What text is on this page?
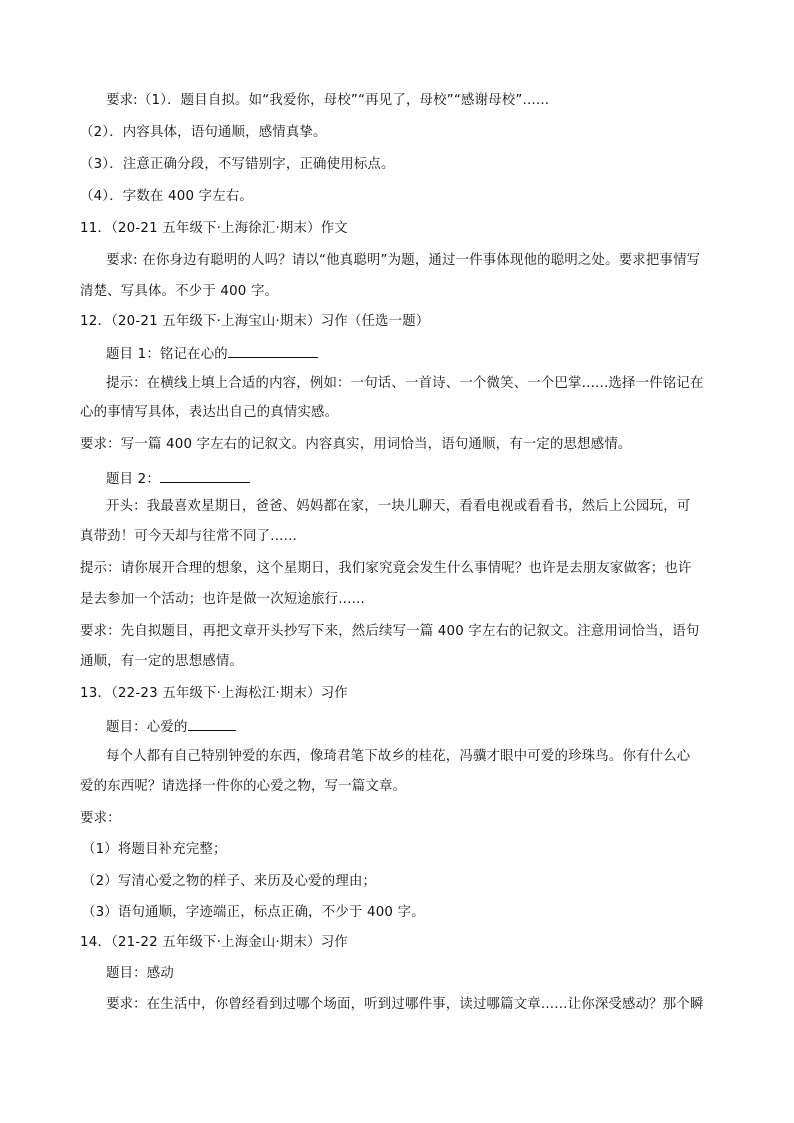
要求:（1）．题目自拟。如“我爱你，母校”“再见了，母校”“感谢母校”......
（2）．内容具体，语句通顺，感情真挚。
（3）．注意正确分段，不写错别字，正确使用标点。
（4）．字数在 400 字左右。
11．（20-21 五年级下·上海徐汇·期末）作文
要求: 在你身边有聪明的人吗？请以“他真聪明”为题，通过一件事体现他的聪明之处。要求把事情写
清楚、写具体。不少于 400 字。
12．（20-21 五年级下·上海宝山·期末）习作（任选一题）
题目 1：铭记在心的
提示：在横线上填上合适的内容，例如：一句话、一首诗、一个微笑、一个巴掌......选择一件铭记在
心的事情写具体，表达出自己的真情实感。
要求：写一篇 400 字左右的记叙文。内容真实，用词恰当，语句通顺，有一定的思想感情。
题目 2：
开头：我最喜欢星期日，爸爸、妈妈都在家，一块儿聊天，看看电视或看看书，然后上公园玩，可
真带劲！可今天却与往常不同了......
提示：请你展开合理的想象，这个星期日，我们家究竟会发生什么事情呢？也许是去朋友家做客；也许
是去参加一个活动；也许是做一次短途旅行......
要求：先自拟题目，再把文章开头抄写下来，然后续写一篇 400 字左右的记叙文。注意用词恰当，语句
通顺，有一定的思想感情。
13．（22-23 五年级下·上海松江·期末）习作
题目：心爱的
每个人都有自己特别钟爱的东西，像琦君笔下故乡的桂花，冯骥才眼中可爱的珍珠鸟。你有什么心
爱的东西呢？请选择一件你的心爱之物，写一篇文章。
要求：
（1）将题目补充完整；
（2）写清心爱之物的样子、来历及心爱的理由；
（3）语句通顺，字迹端正，标点正确，不少于 400 字。
14．（21-22 五年级下·上海金山·期末）习作
题目：感动
要求：在生活中，你曾经看到过哪个场面，听到过哪件事，读过哪篇文章......让你深受感动？那个瞬
